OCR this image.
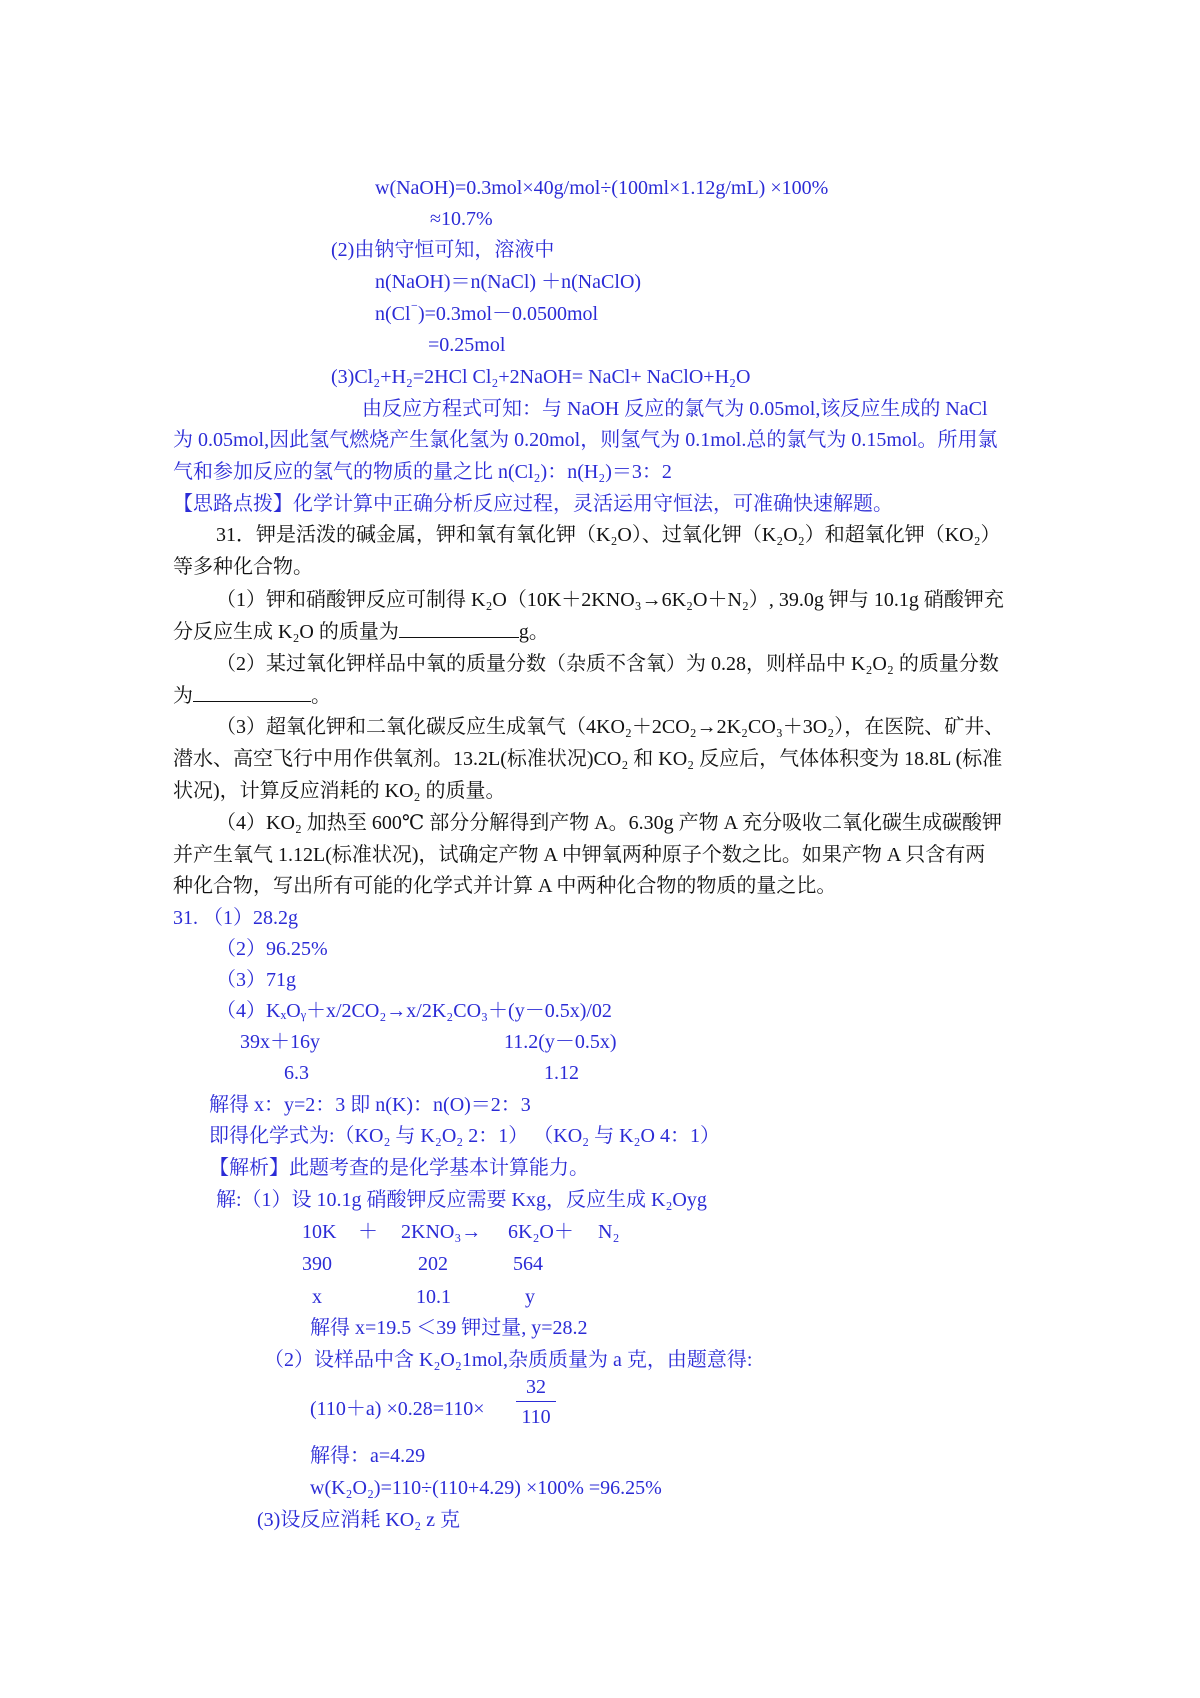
w(NaOH)=0.3mol×40g/mol÷(100ml×1.12g/mL) ×100%
≈10.7%
(2)由钠守恒可知，溶液中
n(NaOH)＝n(NaCl) ＋n(NaClO)
n(Cl⁻)=0.3mol－0.0500mol
=0.25mol
(3)Cl₂+H₂=2HCl Cl₂+2NaOH= NaCl+ NaClO+H₂O
由反应方程式可知：与 NaOH 反应的氯气为 0.05mol,该反应生成的 NaCl
为 0.05mol,因此氢气燃烧产生氯化氢为 0.20mol，则氢气为 0.1mol.总的氯气为 0.15mol。所用氯
气和参加反应的氢气的物质的量之比 n(Cl₂)：n(H₂)＝3：2
【思路点拨】化学计算中正确分析反应过程，灵活运用守恒法，可准确快速解题。
31．钾是活泼的碱金属，钾和氧有氧化钾（K₂O）、过氧化钾（K₂O₂）和超氧化钾（KO₂）
等多种化合物。
（1）钾和硝酸钾反应可制得 K₂O（10K＋2KNO₃→6K₂O＋N₂）, 39.0g 钾与 10.1g 硝酸钾充
分反应生成 K₂O 的质量为	g。
（2）某过氧化钾样品中氧的质量分数（杂质不含氧）为 0.28，则样品中 K₂O₂ 的质量分数
为	。
（3）超氧化钾和二氧化碳反应生成氧气（4KO₂＋2CO₂→2K₂CO₃＋3O₂），在医院、矿井、
潜水、高空飞行中用作供氧剂。13.2L(标准状况)CO₂ 和 KO₂ 反应后，气体体积变为 18.8L (标准
状况)，计算反应消耗的 KO₂ 的质量。
（4）KO₂ 加热至 600℃ 部分分解得到产物 A。6.30g 产物 A 充分吸收二氧化碳生成碳酸钾
并产生氧气 1.12L(标准状况)，试确定产物 A 中钾氧两种原子个数之比。如果产物 A 只含有两
种化合物，写出所有可能的化学式并计算 A 中两种化合物的物质的量之比。
31. （1）28.2g
（2）96.25%
（3）71g
（4）KₓOᵧ＋x/2CO₂→x/2K₂CO₃＋(y－0.5x)/02
39x＋16y	11.2(y－0.5x)
6.3	1.12
解得 x：y=2：3 即 n(K)：n(O)＝2：3
即得化学式为:（KO₂ 与 K₂O₂ 2：1） （KO₂ 与 K₂O 4：1）
【解析】此题考查的是化学基本计算能力。
解:（1）设 10.1g 硝酸钾反应需要 Kxg，反应生成 K₂Oyg
10K ＋ 2KNO₃→ 6K₂O＋ N₂
390	202	564
x	10.1	y
解得 x=19.5 ＜39 钾过量, y=28.2
（2）设样品中含 K₂O₂1mol,杂质质量为 a 克，由题意得:
$(110+a) \times 0.28=110\times \frac{32}{110}$
解得：a=4.29
w(K₂O₂)=110÷(110+4.29) ×100% =96.25%
(3)设反应消耗 KO₂ z 克
